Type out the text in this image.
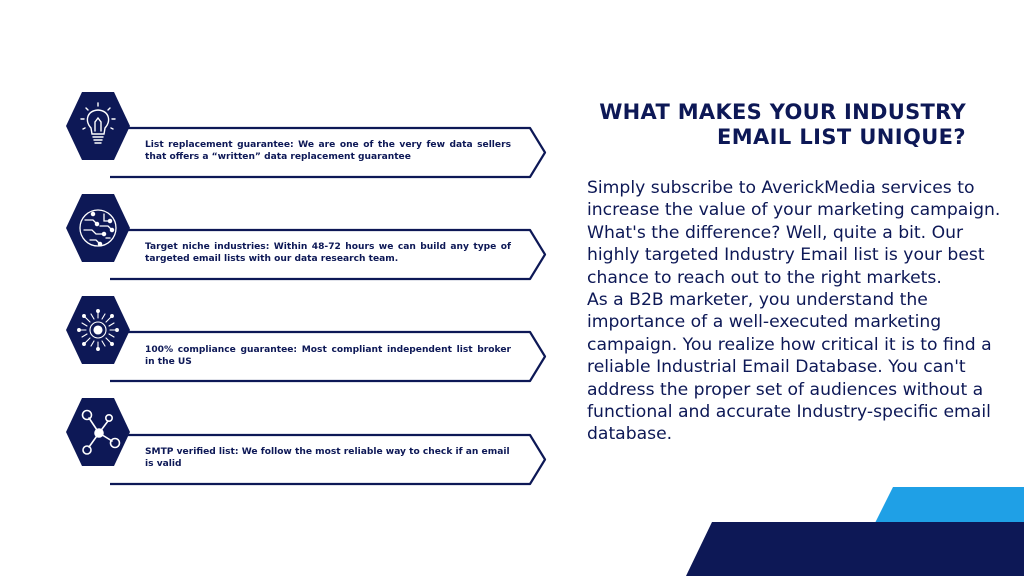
List replacement guarantee: We are one of the very few data sellers that offers a “written” data replacement guarantee

Target niche industries: Within 48-72 hours we can build any type of targeted email lists with our data research team.

100% compliance guarantee: Most compliant independent list broker in the US

SMTP verified list: We follow the most reliable way to check if an email is valid

WHAT MAKES YOUR INDUSTRY
EMAIL LIST UNIQUE?

Simply subscribe to AverickMedia services to increase the value of your marketing campaign. What's the difference? Well, quite a bit. Our highly targeted Industry Email list is your best chance to reach out to the right markets.

As a B2B marketer, you understand the importance of a well-executed marketing campaign. You realize how critical it is to find a reliable Industrial Email Database. You can't address the proper set of audiences without a functional and accurate Industry-specific email database.
